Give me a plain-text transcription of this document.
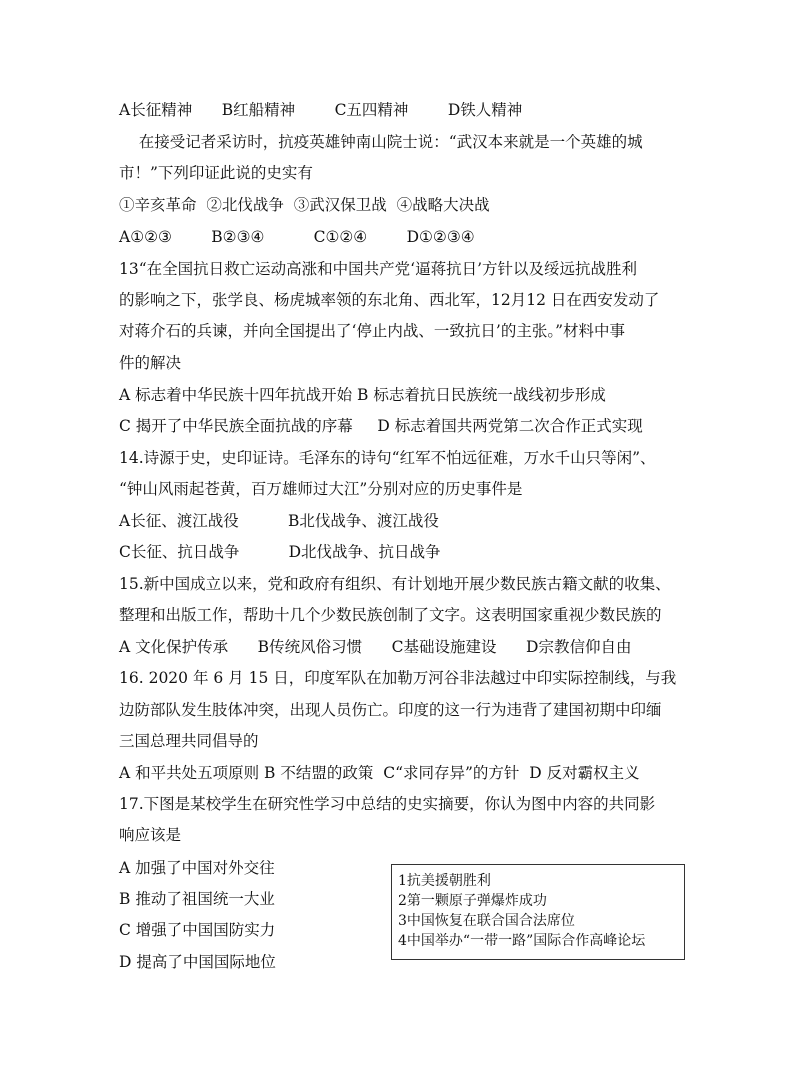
A长征精神      B红船精神        C五四精神        D铁人精神
在接受记者采访时，抗疫英雄钟南山院士说：“武汉本来就是一个英雄的城
市！”下列印证此说的史实有
①辛亥革命  ②北伐战争  ③武汉保卫战  ④战略大决战
A①②③        B②③④          C①②④        D①②③④
13“在全国抗日救亡运动高涨和中国共产党‘逼蒋抗日’方针以及绥远抗战胜利
的影响之下，张学良、杨虎城率领的东北角、西北军，12月12 日在西安发动了
对蒋介石的兵谏，并向全国提出了‘停止内战、一致抗日’的主张。”材料中事
件的解决
A 标志着中华民族十四年抗战开始 B 标志着抗日民族统一战线初步形成
C 揭开了中华民族全面抗战的序幕     D 标志着国共两党第二次合作正式实现
14.诗源于史，史印证诗。毛泽东的诗句“红军不怕远征难，万水千山只等闲”、
“钟山风雨起苍黄，百万雄师过大江”分别对应的历史事件是
A长征、渡江战役          B北伐战争、渡江战役
C长征、抗日战争          D北伐战争、抗日战争
15.新中国成立以来，党和政府有组织、有计划地开展少数民族古籍文献的收集、
整理和出版工作，帮助十几个少数民族创制了文字。这表明国家重视少数民族的
A 文化保护传承      B传统风俗习惯      C基础设施建设      D宗教信仰自由
16. 2020 年 6 月 15 日，印度军队在加勒万河谷非法越过中印实际控制线，与我
边防部队发生肢体冲突，出现人员伤亡。印度的这一行为违背了建国初期中印缅
三国总理共同倡导的
A 和平共处五项原则 B 不结盟的政策  C“求同存异”的方针  D 反对霸权主义
17.下图是某校学生在研究性学习中总结的史实摘要，你认为图中内容的共同影
响应该是
A 加强了中国对外交往
B 推动了祖国统一大业
C 增强了中国国防实力
D 提高了中国国际地位
1抗美援朝胜利
2第一颗原子弹爆炸成功
3中国恢复在联合国合法席位
4中国举办“一带一路”国际合作高峰论坛
